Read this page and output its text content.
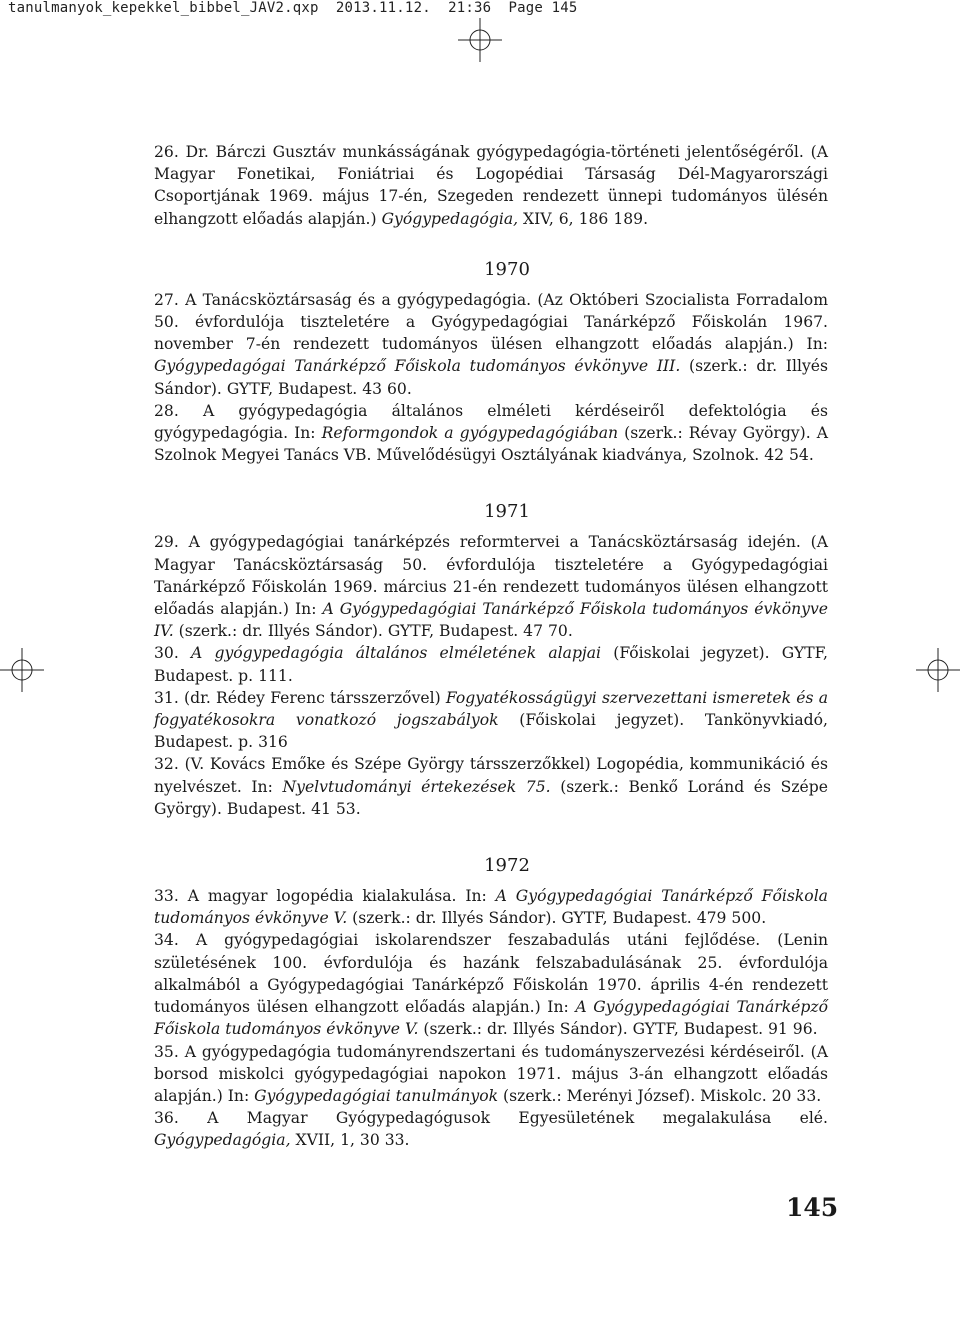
tanulmanyok_kepekkel_bibbel_JAV2.qxp 2013.11.12. 21:36 Page 145
26. Dr. Bárczi Gusztáv munkásságának gyógypedagógia-történeti jelentőségéről. (A Magyar Fonetikai, Foniátriai és Logopédiai Társaság Dél-Magyarországi Csoportjának 1969. május 17-én, Szegeden rendezett ünnepi tudományos ülésén elhangzott előadás alapján.) Gyógypedagógia, XIV, 6, 186 189.
1970
27. A Tanácsköztársaság és a gyógypedagógia. (Az Októberi Szocialista Forradalom 50. évfordulója tiszteletére a Gyógypedagógiai Tanárképző Főiskolán 1967. november 7-én rendezett tudományos ülésen elhangzott előadás alapján.) In: Gyógypedagógai Tanárképző Főiskola tudományos évkönyve III. (szerk.: dr. Illyés Sándor). GYTF, Budapest. 43 60.
28. A gyógypedagógia általános elméleti kérdéseiről defektológia és gyógypedagógia. In: Reformgondok a gyógypedagógiában (szerk.: Révay György). A Szolnok Megyei Tanács VB. Művelődésügyi Osztályának kiadványa, Szolnok. 42 54.
1971
29. A gyógypedagógiai tanárképzés reformtervei a Tanácsköztársaság idején. (A Magyar Tanácsköztársaság 50. évfordulója tiszteletére a Gyógypedagógiai Tanárképző Főiskolán 1969. március 21-én rendezett tudományos ülésen elhangzott előadás alapján.) In: A Gyógypedagógiai Tanárképző Főiskola tudományos évkönyve IV. (szerk.: dr. Illyés Sándor). GYTF, Budapest. 47 70.
30. A gyógypedagógia általános elméletének alapjai (Főiskolai jegyzet). GYTF, Budapest. p. 111.
31. (dr. Rédey Ferenc társszerzővel) Fogyatékosságügyi szervezettani ismeretek és a fogyatékosokra vonatkozó jogszabályok (Főiskolai jegyzet). Tankönyvkiadó, Budapest. p. 316
32. (V. Kovács Emőke és Szépe György társszerzőkkel) Logopédia, kommunikáció és nyelvészet. In: Nyelvtudományi értekezések 75. (szerk.: Benkő Loránd és Szépe György). Budapest. 41 53.
1972
33. A magyar logopédia kialakulása. In: A Gyógypedagógiai Tanárképző Főiskola tudományos évkönyve V. (szerk.: dr. Illyés Sándor). GYTF, Budapest. 479 500.
34. A gyógypedagógiai iskolarendszer feszabadulás utáni fejlődése. (Lenin születésének 100. évfordulója és hazánk felszabadulásának 25. évfordulója alkalmából a Gyógypedagógiai Tanárképző Főiskolán 1970. április 4-én rendezett tudományos ülésen elhangzott előadás alapján.) In: A Gyógypedagógiai Tanárképző Főiskola tudományos évkönyve V. (szerk.: dr. Illyés Sándor). GYTF, Budapest. 91 96.
35. A gyógypedagógia tudományrendszertani és tudományszervezési kérdéseiről. (A borsod miskolci gyógypedagógiai napokon 1971. május 3-án elhangzott előadás alapján.) In: Gyógypedagógiai tanulmányok (szerk.: Merényi József). Miskolc. 20 33.
36. A Magyar Gyógypedagógusok Egyesületének megalakulása elé. Gyógypedagógia, XVII, 1, 30 33.
145
